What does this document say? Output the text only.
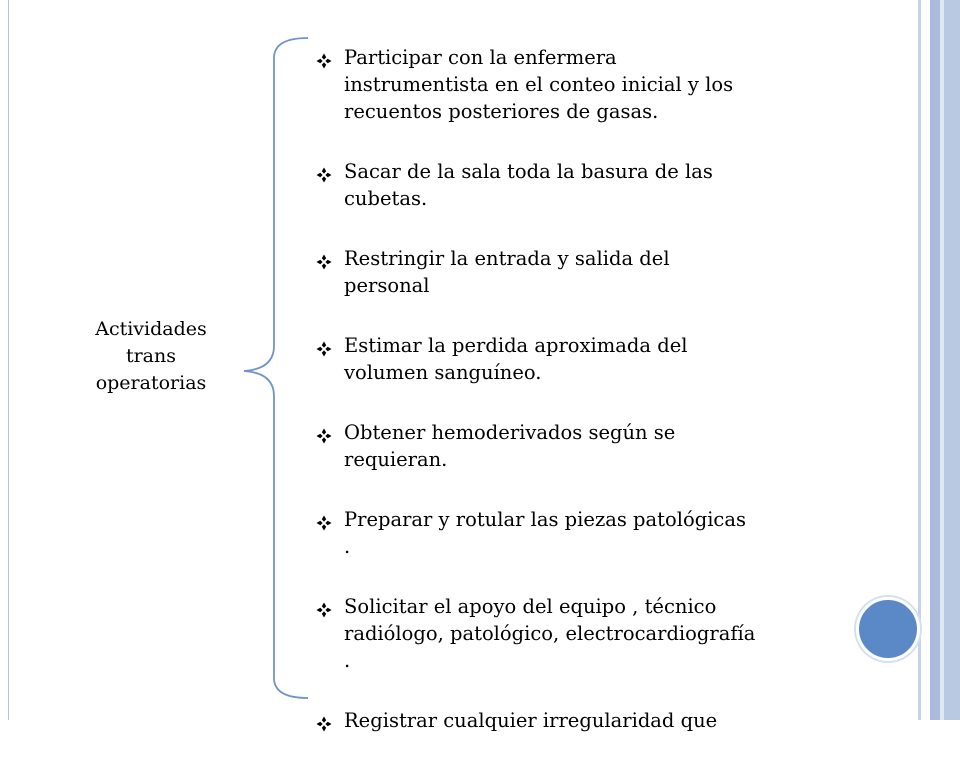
Actividades
trans
operatorias
Participar con la enfermera
instrumentista en el conteo inicial y los
recuentos posteriores de gasas.
Sacar de la sala toda la basura de las
cubetas.
Restringir la entrada y salida del
personal
Estimar la perdida aproximada del
volumen sanguíneo.
Obtener hemoderivados según se
requieran.
Preparar y rotular las piezas patológicas
.
Solicitar el apoyo del equipo , técnico
radiólogo, patológico, electrocardiografía
.
Registrar cualquier irregularidad que
